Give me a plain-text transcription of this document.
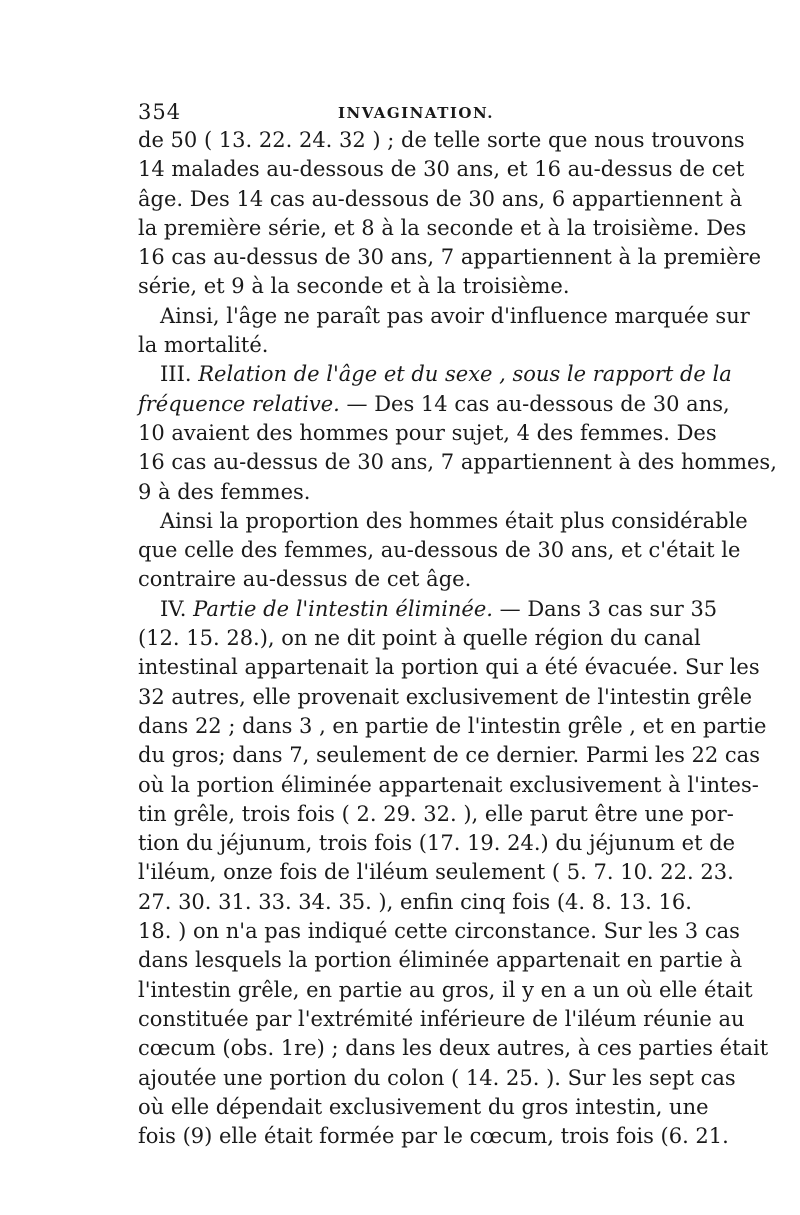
354	INVAGINATION.
de 50 ( 13. 22. 24. 32 ) ; de telle sorte que nous trouvons
14 malades au-dessous de 30 ans, et 16 au-dessus de cet
âge. Des 14 cas au-dessous de 30 ans, 6 appartiennent à
la première série, et 8 à la seconde et à la troisième. Des
16 cas au-dessus de 30 ans, 7 appartiennent à la première
série, et 9 à la seconde et à la troisième.
Ainsi, l'âge ne paraît pas avoir d'influence marquée sur
la mortalité.
III. Relation de l'âge et du sexe , sous le rapport de la
fréquence relative. — Des 14 cas au-dessous de 30 ans,
10 avaient des hommes pour sujet, 4 des femmes. Des
16 cas au-dessus de 30 ans, 7 appartiennent à des hommes,
9 à des femmes.
Ainsi la proportion des hommes était plus considérable
que celle des femmes, au-dessous de 30 ans, et c'était le
contraire au-dessus de cet âge.
IV. Partie de l'intestin éliminée. — Dans 3 cas sur 35
(12. 15. 28.), on ne dit point à quelle région du canal
intestinal appartenait la portion qui a été évacuée. Sur les
32 autres, elle provenait exclusivement de l'intestin grêle
dans 22 ; dans 3 , en partie de l'intestin grêle , et en partie
du gros; dans 7, seulement de ce dernier. Parmi les 22 cas
où la portion éliminée appartenait exclusivement à l'intes-
tin grêle, trois fois ( 2. 29. 32. ), elle parut être une por-
tion du jéjunum, trois fois (17. 19. 24.) du jéjunum et de
l'iléum, onze fois de l'iléum seulement ( 5. 7. 10. 22. 23.
27. 30. 31. 33. 34. 35. ), enfin cinq fois (4. 8. 13. 16.
18. ) on n'a pas indiqué cette circonstance. Sur les 3 cas
dans lesquels la portion éliminée appartenait en partie à
l'intestin grêle, en partie au gros, il y en a un où elle était
constituée par l'extrémité inférieure de l'iléum réunie au
cœcum (obs. 1re) ; dans les deux autres, à ces parties était
ajoutée une portion du colon ( 14. 25. ). Sur les sept cas
où elle dépendait exclusivement du gros intestin, une
fois (9) elle était formée par le cœcum, trois fois (6. 21.
